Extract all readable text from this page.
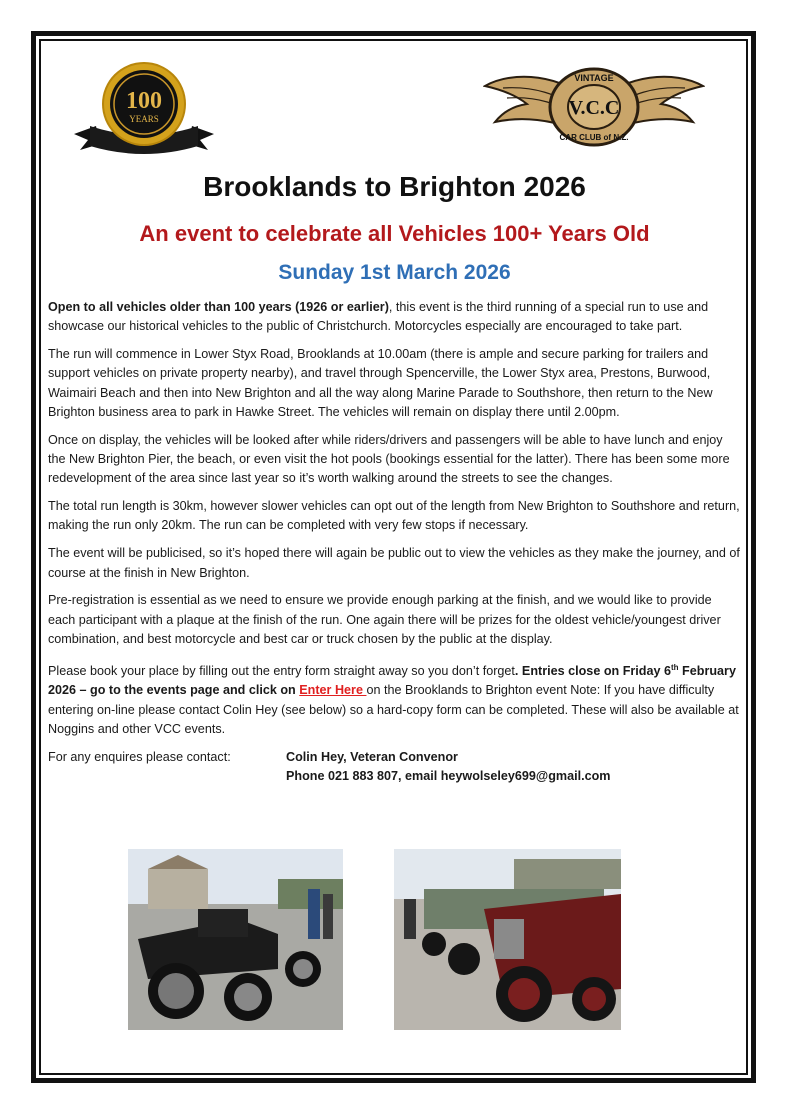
100
YEARS	V.C.C
VINTAGE
CAR CLUB of N.Z.
Brooklands to Brighton 2026
An event to celebrate all Vehicles 100+ Years Old
Sunday 1st March 2026

Open to all vehicles older than 100 years (1926 or earlier), this event is the third running of a special run to use and showcase our historical vehicles to the public of Christchurch. Motorcycles especially are encouraged to take part.

The run will commence in Lower Styx Road, Brooklands at 10.00am (there is ample and secure parking for trailers and support vehicles on private property nearby), and travel through Spencerville, the Lower Styx area, Prestons, Burwood, Waimairi Beach and then into New Brighton and all the way along Marine Parade to Southshore, then return to the New Brighton business area to park in Hawke Street. The vehicles will remain on display there until 2.00pm.

Once on display, the vehicles will be looked after while riders/drivers and passengers will be able to have lunch and enjoy the New Brighton Pier, the beach, or even visit the hot pools (bookings essential for the latter). There has been some more redevelopment of the area since last year so it’s worth walking around the streets to see the changes.

The total run length is 30km, however slower vehicles can opt out of the length from New Brighton to Southshore and return, making the run only 20km. The run can be completed with very few stops if necessary.

The event will be publicised, so it’s hoped there will again be public out to view the vehicles as they make the journey, and of course at the finish in New Brighton.

Pre-registration is essential as we need to ensure we provide enough parking at the finish, and we would like to provide each participant with a plaque at the finish of the run. One again there will be prizes for the oldest vehicle/youngest driver combination, and best motorcycle and best car or truck chosen by the public at the display.

Please book your place by filling out the entry form straight away so you don’t forget. Entries close on Friday 6th February 2026 – go to the events page and click on Enter Here on the Brooklands to Brighton event Note: If you have difficulty entering on-line please contact Colin Hey (see below) so a hard-copy form can be completed. These will also be available at Noggins and other VCC events.

For any enquires please contact:	Colin Hey, Veteran Convenor
Phone 021 883 807, email heywolseley699@gmail.com
